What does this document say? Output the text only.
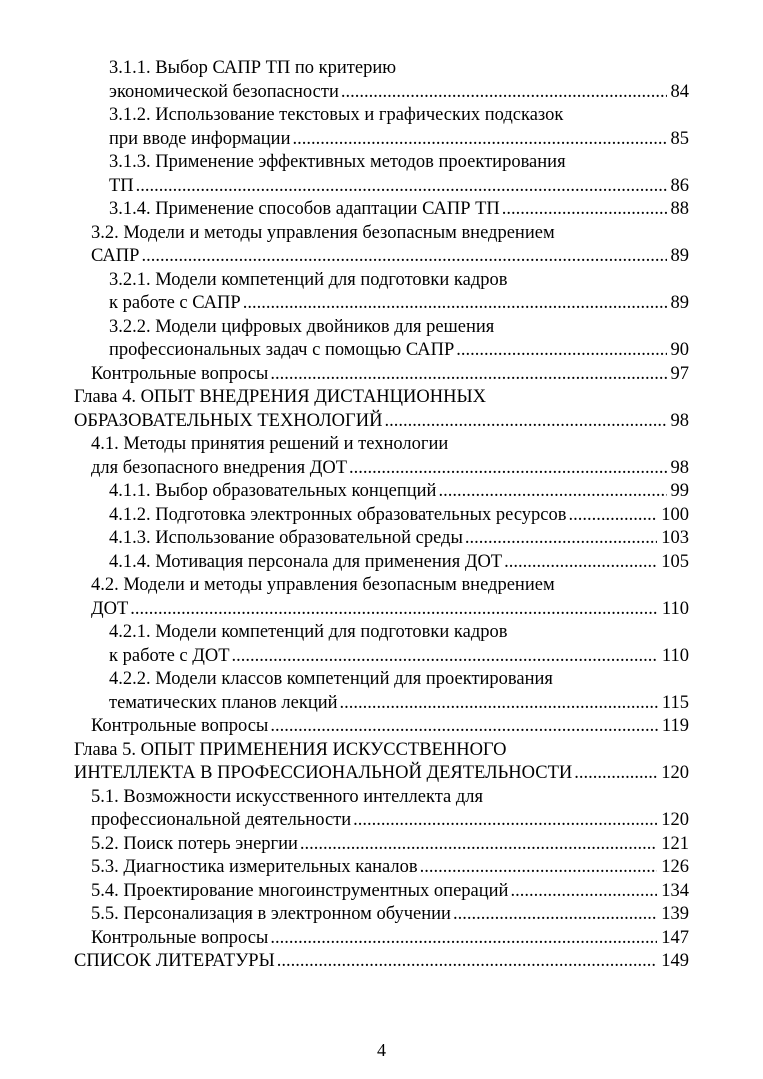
3.1.1. Выбор САПР ТП по критерию
экономической безопасности .....	84
3.1.2. Использование текстовых и графических подсказок
при вводе информации .....	85
3.1.3. Применение эффективных методов проектирования
ТП .....	86
3.1.4. Применение способов адаптации САПР ТП .....	88
3.2. Модели и методы управления безопасным внедрением
САПР .....	89
3.2.1. Модели компетенций для подготовки кадров
к работе с САПР .....	89
3.2.2. Модели цифровых двойников для решения
профессиональных задач с помощью САПР .....	90
Контрольные вопросы .....	97
Глава 4. ОПЫТ ВНЕДРЕНИЯ ДИСТАНЦИОННЫХ
ОБРАЗОВАТЕЛЬНЫХ ТЕХНОЛОГИЙ .....	98
4.1. Методы принятия решений и технологии
для безопасного внедрения ДОТ .....	98
4.1.1. Выбор образовательных концепций .....	99
4.1.2. Подготовка электронных образовательных ресурсов .....	100
4.1.3. Использование образовательной среды .....	103
4.1.4. Мотивация персонала для применения ДОТ .....	105
4.2. Модели и методы управления безопасным внедрением
ДОТ .....	110
4.2.1. Модели компетенций для подготовки кадров
к работе с ДОТ .....	110
4.2.2. Модели классов компетенций для проектирования
тематических планов лекций .....	115
Контрольные вопросы .....	119
Глава 5. ОПЫТ ПРИМЕНЕНИЯ ИСКУССТВЕННОГО
ИНТЕЛЛЕКТА В ПРОФЕССИОНАЛЬНОЙ ДЕЯТЕЛЬНОСТИ .....	120
5.1. Возможности искусственного интеллекта для
профессиональной деятельности .....	120
5.2. Поиск потерь энергии .....	121
5.3. Диагностика измерительных каналов .....	126
5.4. Проектирование многоинструментных операций .....	134
5.5. Персонализация в электронном обучении .....	139
Контрольные вопросы .....	147
СПИСОК ЛИТЕРАТУРЫ .....	149
4
